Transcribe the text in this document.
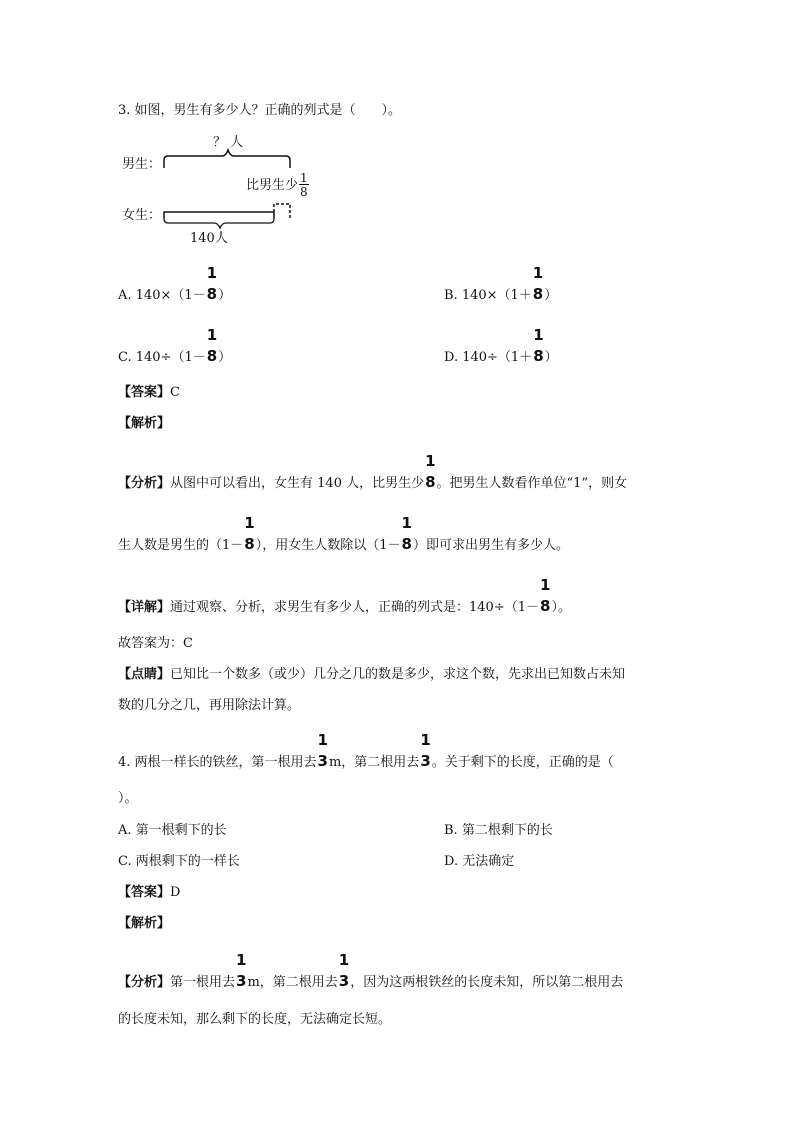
3. 如图，男生有多少人？正确的列式是（　　）。
男生：
？ 人
比男生少 $\frac{1}{8}$
女生：
140人
A. 140×（1－
1
8 ）	B. 140×（1＋
1
8 ）
C. 140÷（1－
1
8 ）	D. 140÷（1＋
1
8 ）
【答案】C
【解析】
【分析】从图中可以看出，女生有 140 人，比男生少
1
8 。把男生人数看作单位“1”，则女
生人数是男生的（1－
1
8 ），用女生人数除以（1－
1
8 ）即可求出男生有多少人。
【详解】通过观察、分析，求男生有多少人，正确的列式是：140÷（1－
1
8 ）。
故答案为：C
【点睛】已知比一个数多（或少）几分之几的数是多少，求这个数，先求出已知数占未知
数的几分之几，再用除法计算。
4. 两根一样长的铁丝，第一根用去
1
3 m，第二根用去
1
3 。关于剩下的长度，正确的是（
）。
A. 第一根剩下的长	B. 第二根剩下的长
C. 两根剩下的一样长	D. 无法确定
【答案】D
【解析】
【分析】第一根用去
1
3 m，第二根用去
1
3 ，因为这两根铁丝的长度未知，所以第二根用去
的长度未知，那么剩下的长度，无法确定长短。
